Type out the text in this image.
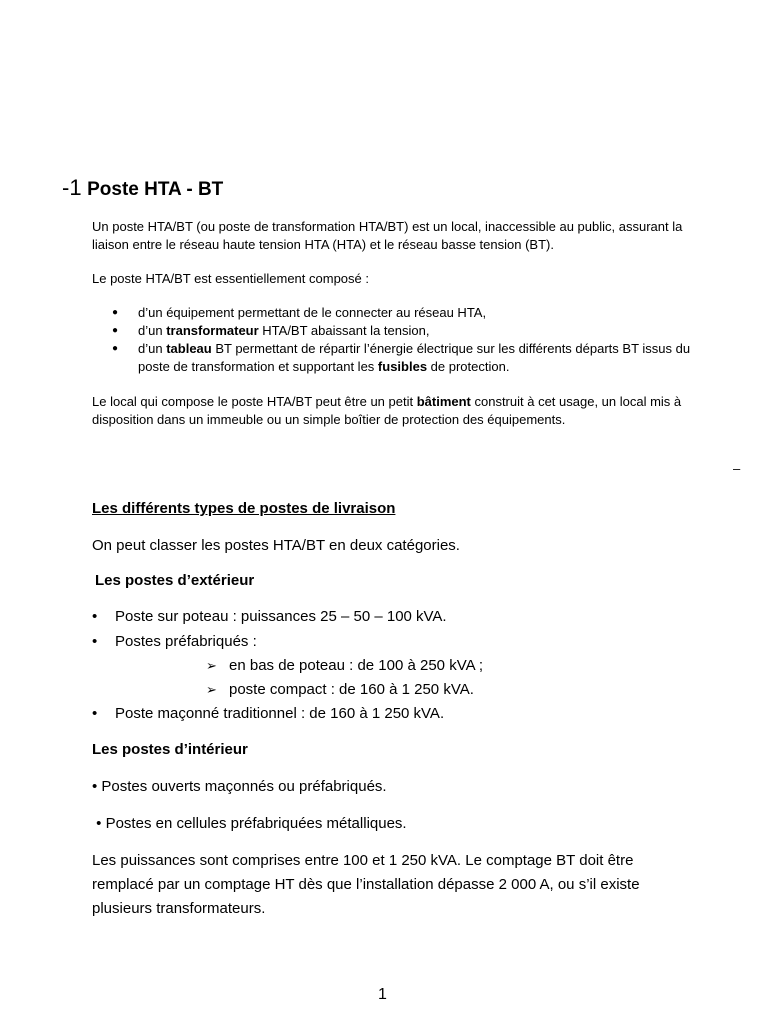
-1 Poste HTA - BT
Un poste HTA/BT (ou poste de transformation HTA/BT) est un local, inaccessible au public, assurant la liaison entre le réseau haute tension HTA (HTA) et le réseau basse tension (BT).
Le poste HTA/BT est essentiellement composé :
● d’un équipement permettant de le connecter au réseau HTA,
● d’un transformateur HTA/BT abaissant la tension,
● d’un tableau BT permettant de répartir l’énergie électrique sur les différents départs BT issus du poste de transformation et supportant les fusibles de protection.
Le local qui compose le poste HTA/BT peut être un petit bâtiment construit à cet usage, un local mis à disposition dans un immeuble ou un simple boîtier de protection des équipements.
–
Les différents types de postes de livraison
On peut classer les postes HTA/BT en deux catégories.
Les postes d’extérieur
• Poste sur poteau : puissances 25 – 50 – 100 kVA.
• Postes préfabriqués :
➢ en bas de poteau : de 100 à 250 kVA ;
➢ poste compact : de 160 à 1 250 kVA.
• Poste maçonné traditionnel : de 160 à 1 250 kVA.
Les postes d’intérieur
• Postes ouverts maçonnés ou préfabriqués.
• Postes en cellules préfabriquées métalliques.
Les puissances sont comprises entre 100 et 1 250 kVA. Le comptage BT doit être remplacé par un comptage HT dès que l’installation dépasse 2 000 A, ou s’il existe plusieurs transformateurs.
1
